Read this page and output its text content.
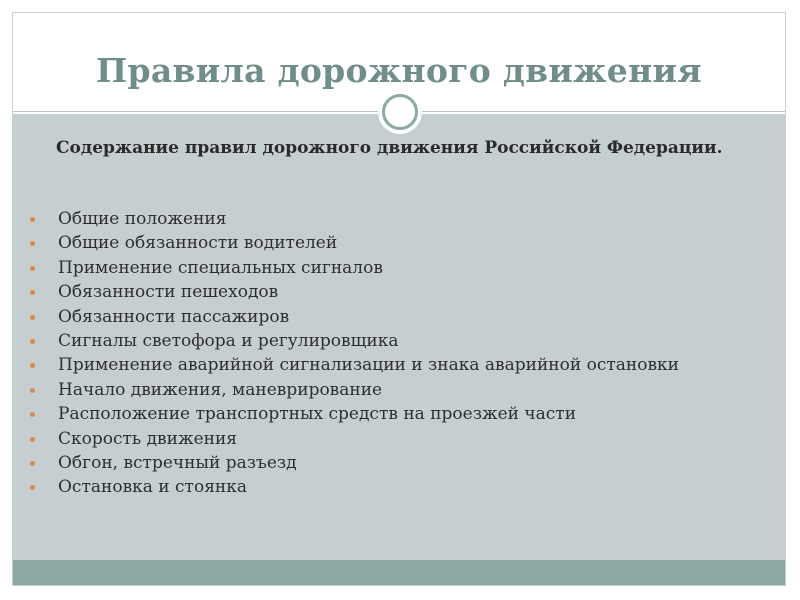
Правила дорожного движения
Содержание правил дорожного движения Российской Федерации.
Общие положения
Общие обязанности водителей
Применение специальных сигналов
Обязанности пешеходов
Обязанности пассажиров
Сигналы светофора и регулировщика
Применение аварийной сигнализации и знака аварийной остановки
Начало движения, маневрирование
Расположение транспортных средств на проезжей части
Скорость движения
Обгон, встречный разъезд
Остановка и стоянка
